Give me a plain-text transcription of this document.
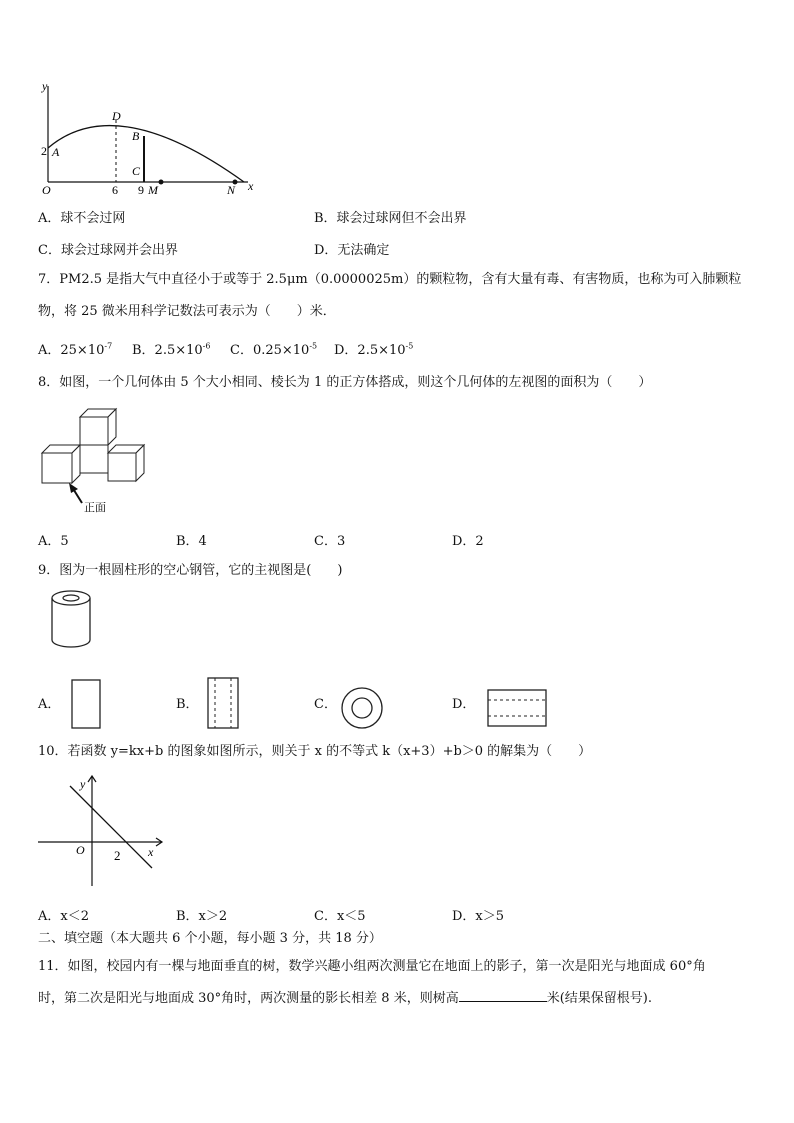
y
x
O
2 A
D
B
C
6 9 M	N
A．球不会过网	B．球会过球网但不会出界
C．球会过球网并会出界	D．无法确定
7．PM2.5 是指大气中直径小于或等于 2.5μm（0.0000025m）的颗粒物，含有大量有毒、有害物质，也称为可入肺颗粒
物，将 25 微米用科学记数法可表示为（　　）米．
A．$25\times 10^{-7}$ B．$2.5\times 10^{-6}$ C．$0.25\times 10^{-5}$ D．$2.5\times 10^{-5}$
8．如图，一个几何体由 5 个大小相同、棱长为 1 的正方体搭成，则这个几何体的左视图的面积为（　　）
正面
A．5	B．4	C．3	D．2
9．图为一根圆柱形的空心钢管，它的主视图是(　　)
A．	B．	C．	D．
10．若函数 y=kx+b 的图象如图所示，则关于 x 的不等式 k（x+3）+b＞0 的解集为（　　）
y
x
O 2
A．x＜2	B．x＞2	C．x＜5	D．x＞5
二、填空题（本大题共 6 个小题，每小题 3 分，共 18 分）
11．如图，校园内有一棵与地面垂直的树，数学兴趣小组两次测量它在地面上的影子，第一次是阳光与地面成 60°角
时，第二次是阳光与地面成 30°角时，两次测量的影长相差 8 米，则树高	米(结果保留根号).
